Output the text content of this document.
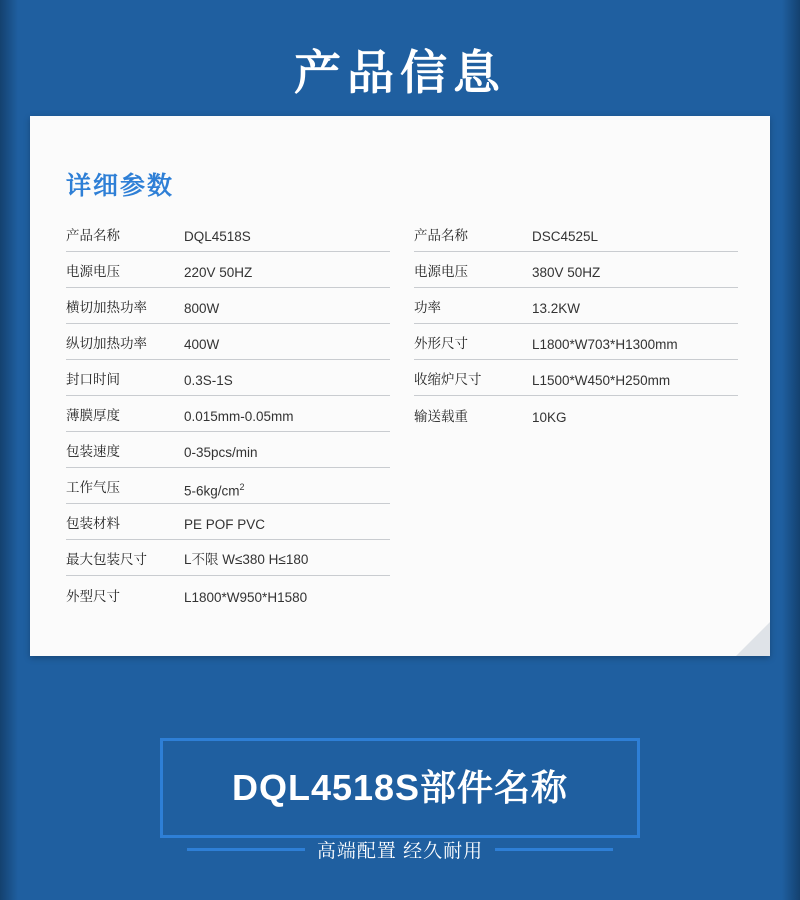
产品信息
详细参数
产品名称	DQL4518S
电源电压	220V 50HZ
横切加热功率	800W
纵切加热功率	400W
封口时间	0.3S-1S
薄膜厚度	0.015mm-0.05mm
包装速度	0-35pcs/min
工作气压	$5-6kg/cm^2$
包装材料	PE POF PVC
最大包装尺寸	L不限 W≤380 H≤180
外型尺寸	L1800*W950*H1580
产品名称	DSC4525L
电源电压	380V 50HZ
功率	13.2KW
外形尺寸	L1800*W703*H1300mm
收缩炉尺寸	L1500*W450*H250mm
输送载重	10KG
DQL4518S部件名称
高端配置 经久耐用
